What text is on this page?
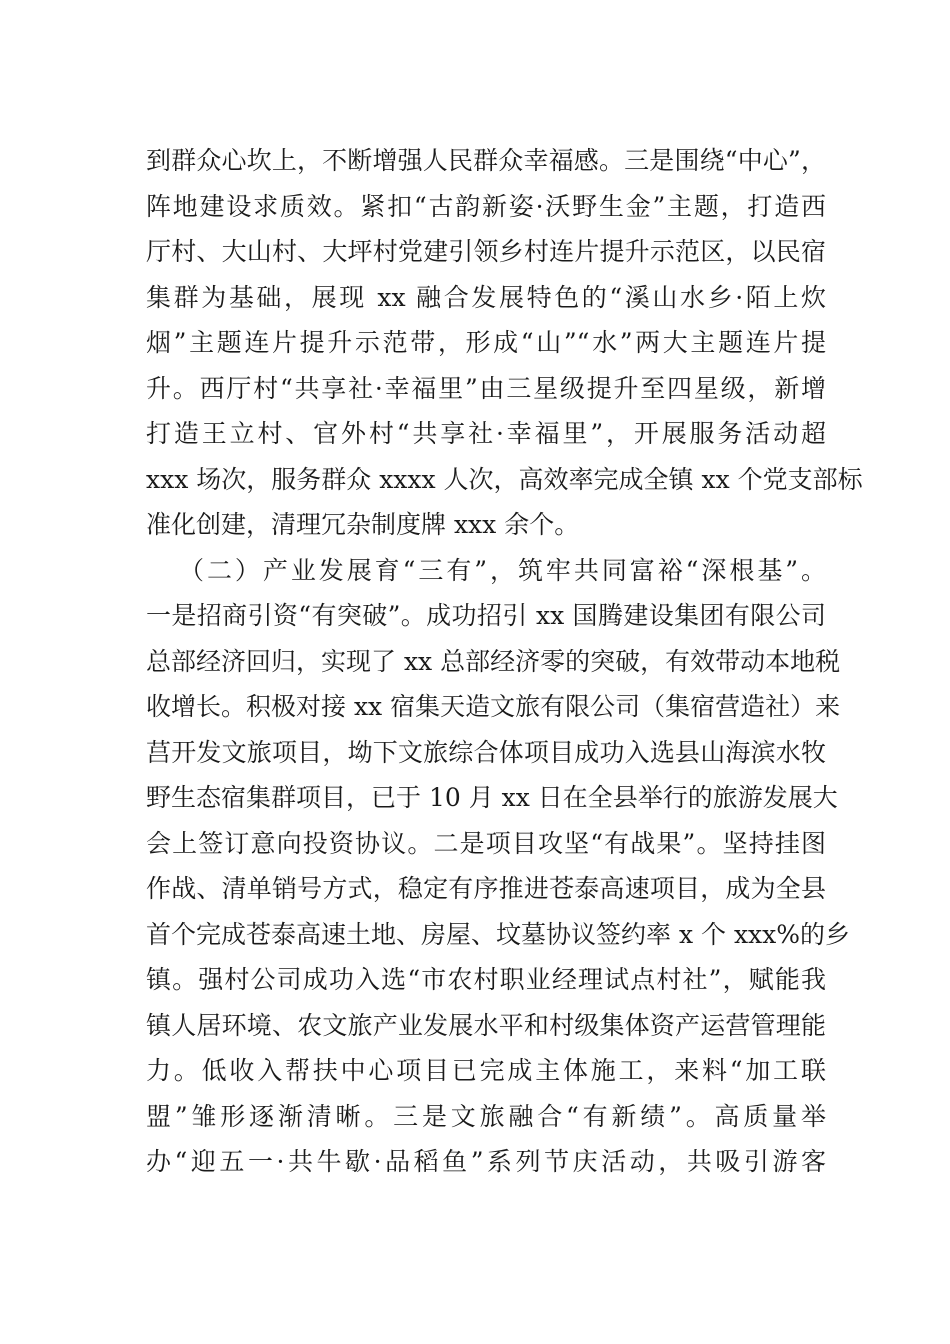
到群众心坎上，不断增强人民群众幸福感。三是围绕“中心”，
阵地建设求质效。紧扣“古韵新姿·沃野生金”主题，打造西
厅村、大山村、大坪村党建引领乡村连片提升示范区，以民宿
集群为基础，展现 xx 融合发展特色的“溪山水乡·陌上炊
烟”主题连片提升示范带，形成“山”“水”两大主题连片提
升。西厅村“共享社·幸福里”由三星级提升至四星级，新增
打造王立村、官外村“共享社·幸福里”，开展服务活动超
xxx 场次，服务群众 xxxx 人次，高效率完成全镇 xx 个党支部标
准化创建，清理冗杂制度牌 xxx 余个。
（二）产业发展育“三有”，筑牢共同富裕“深根基”。
一是招商引资“有突破”。成功招引 xx 国腾建设集团有限公司
总部经济回归，实现了 xx 总部经济零的突破，有效带动本地税
收增长。积极对接 xx 宿集天造文旅有限公司（集宿营造社）来
莒开发文旅项目，坳下文旅综合体项目成功入选县山海滨水牧
野生态宿集群项目，已于 10 月 xx 日在全县举行的旅游发展大
会上签订意向投资协议。二是项目攻坚“有战果”。坚持挂图
作战、清单销号方式，稳定有序推进苍泰高速项目，成为全县
首个完成苍泰高速土地、房屋、坟墓协议签约率 x 个 xxx%的乡
镇。强村公司成功入选“市农村职业经理试点村社”，赋能我
镇人居环境、农文旅产业发展水平和村级集体资产运营管理能
力。低收入帮扶中心项目已完成主体施工，来料“加工联
盟”雏形逐渐清晰。三是文旅融合“有新绩”。高质量举
办“迎五一·共牛歇·品稻鱼”系列节庆活动，共吸引游客
